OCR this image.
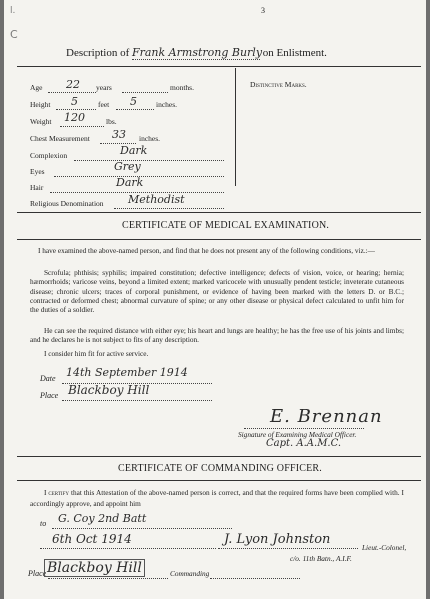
l.
C
3
Description of Frank Armstrong Burly on Enlistment.
Distinctive Marks.
Age 22 years	months.
Height 5	feet 5	inches.
Weight 120	lbs.
Chest Measurement 33 inches.
Complexion	Dark
Eyes	Grey
Hair	Dark
Religious Denomination Methodist
CERTIFICATE OF MEDICAL EXAMINATION.
I have examined the above-named person, and find that he does not present any of the following conditions, viz.:—
Scrofula; phthisis; syphilis; impaired constitution; defective intelligence; defects of vision, voice, or hearing; hernia; hæmorrhoids; varicose veins, beyond a limited extent; marked varicocele with unusually pendent testicle; inveterate cutaneous disease; chronic ulcers; traces of corporal punishment, or evidence of having been marked with the letters D. or B.C.; contracted or deformed chest; abnormal curvature of spine; or any other disease or physical defect calculated to unfit him for the duties of a soldier.
He can see the required distance with either eye; his heart and lungs are healthy; he has the free use of his joints and limbs; and he declares he is not subject to fits of any description.
I consider him fit for active service.
Date 14th September 1914
Place Blackboy Hill
E. Brennan
Signature of Examining Medical Officer.
Capt. A.A.M.C.
CERTIFICATE OF COMMANDING OFFICER.
I certify that this Attestation of the above-named person is correct, and that the required forms have been complied with. I accordingly approve, and appoint him
to G. Coy 2nd Batt
6th Oct 1914	J. Lyon Johnston
Lieut.-Colonel,
c/o. 11th Batn., A.I.F.
Place Blackboy Hill	Commanding
